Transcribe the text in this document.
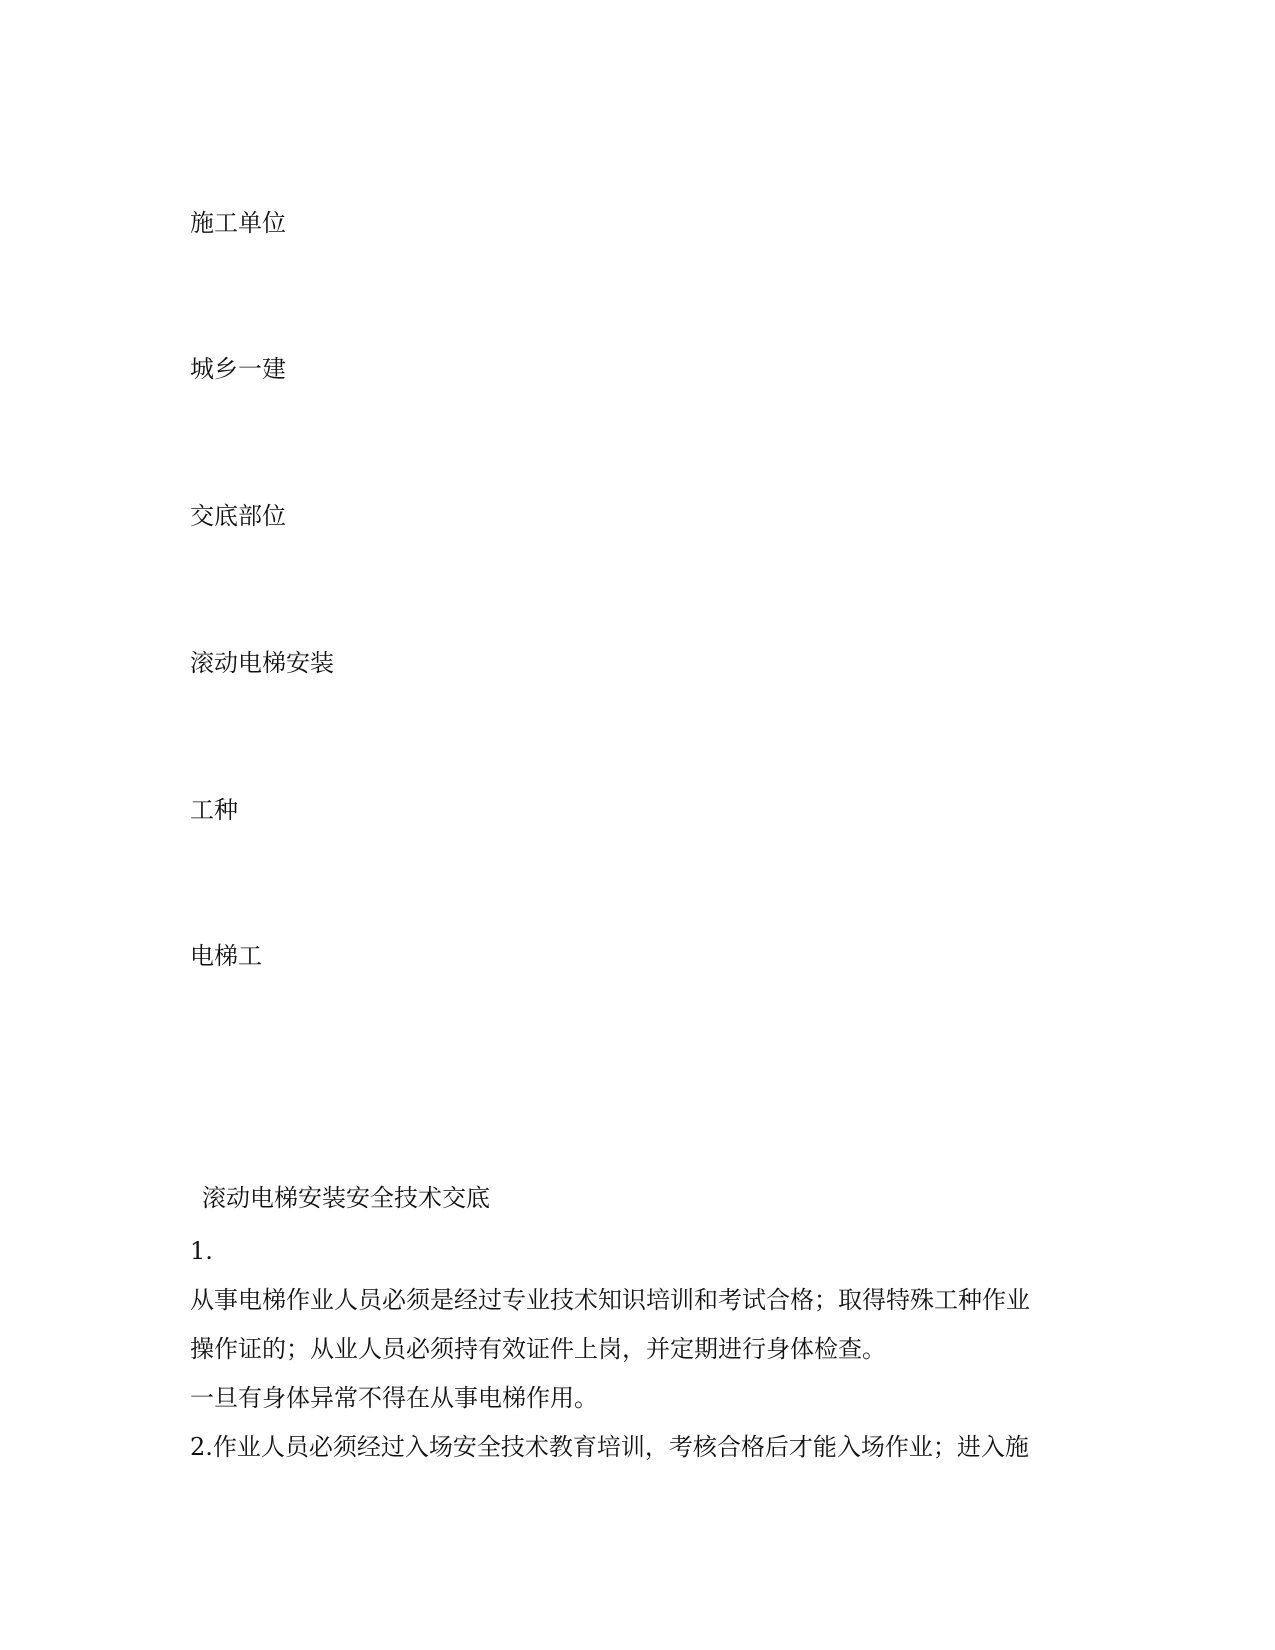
施工单位
城乡一建
交底部位
滚动电梯安装
工种
电梯工
滚动电梯安装安全技术交底
1.
从事电梯作业人员必须是经过专业技术知识培训和考试合格；取得特殊工种作业
操作证的；从业人员必须持有效证件上岗，并定期进行身体检查。
一旦有身体异常不得在从事电梯作用。
2.作业人员必须经过入场安全技术教育培训，考核合格后才能入场作业；进入施
